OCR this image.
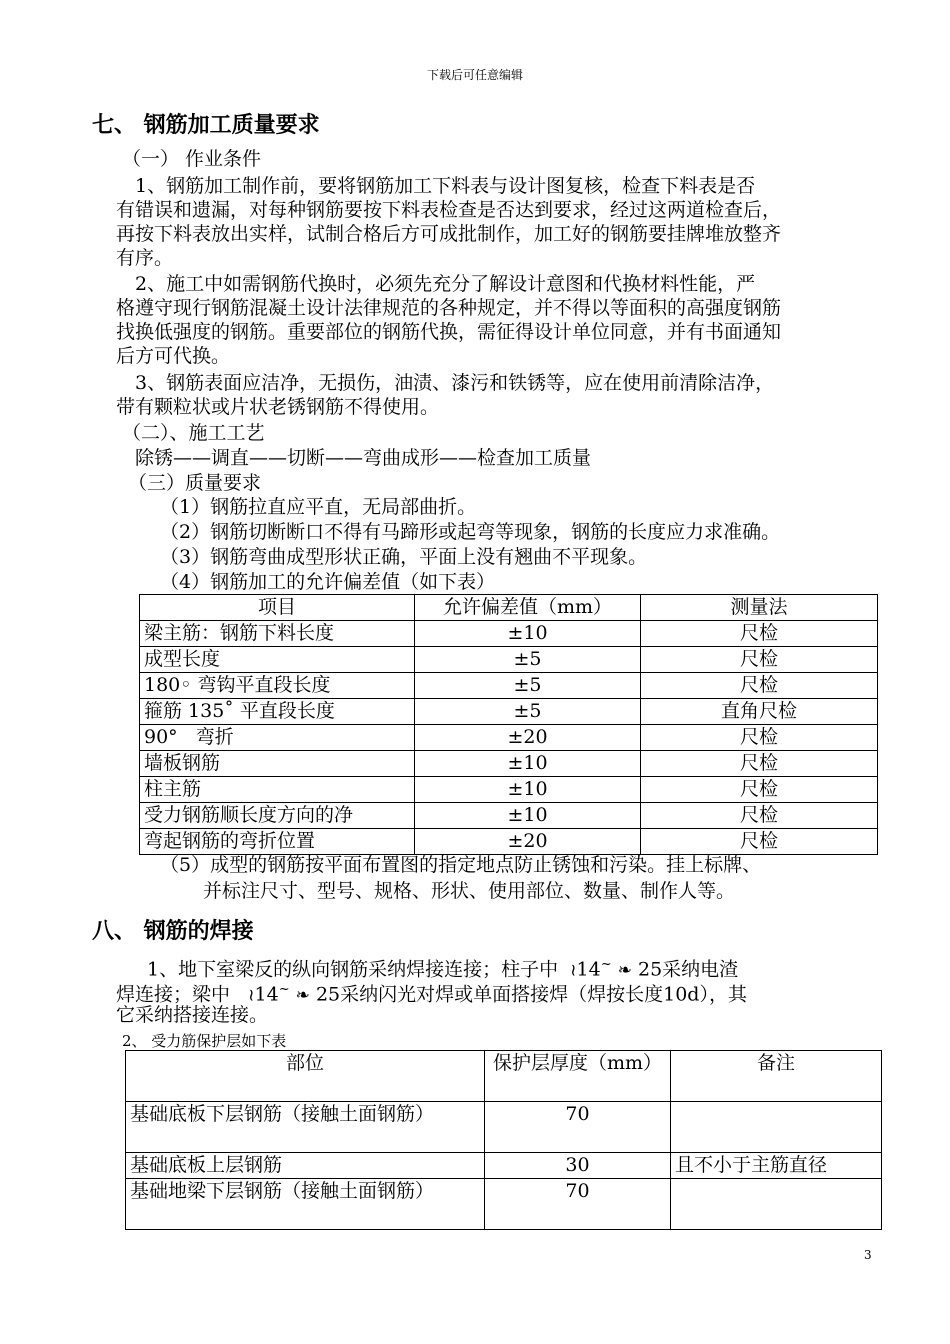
下载后可任意编辑
七、 钢筋加工质量要求
（一） 作业条件
1、钢筋加工制作前，要将钢筋加工下料表与设计图复核，检查下料表是否
有错误和遗漏，对每种钢筋要按下料表检查是否达到要求，经过这两道检查后，
再按下料表放出实样，试制合格后方可成批制作，加工好的钢筋要挂牌堆放整齐
有序。
2、施工中如需钢筋代换时，必须先充分了解设计意图和代换材料性能，严
格遵守现行钢筋混凝土设计法律规范的各种规定，并不得以等面积的高强度钢筋
找换低强度的钢筋。重要部位的钢筋代换，需征得设计单位同意，并有书面通知
后方可代换。
3、钢筋表面应洁净，无损伤，油渍、漆污和铁锈等，应在使用前清除洁净，
带有颗粒状或片状老锈钢筋不得使用。
（二）、施工工艺
除锈——调直——切断——弯曲成形——检查加工质量
（三）质量要求
（1）钢筋拉直应平直，无局部曲折。
（2）钢筋切断断口不得有马蹄形或起弯等现象，钢筋的长度应力求准确。
（3）钢筋弯曲成型形状正确，平面上没有翘曲不平现象。
（4）钢筋加工的允许偏差值（如下表）
项目	允许偏差值（mm）	测量法
梁主筋：钢筋下料长度	±10	尺检
成型长度	±5	尺检
180◦ 弯钩平直段长度	±5	尺检
箍筋 135˚ 平直段长度	±5	直角尺检
90°   弯折	±20	尺检
墙板钢筋	±10	尺检
柱主筋	±10	尺检
受力钢筋顺长度方向的净	±10	尺检
弯起钢筋的弯折位置	±20	尺检
（5）成型的钢筋按平面布置图的指定地点防止锈蚀和污染。挂上标牌、
并标注尺寸、型号、规格、形状、使用部位、数量、制作人等。
八、 钢筋的焊接
1、地下室梁反的纵向钢筋采纳焊接连接；柱子中  ≀14~ ❧ 25采纳电渣
焊连接；梁中   ≀14~ ❧ 25采纳闪光对焊或单面搭接焊（焊按长度10d），其
它采纳搭接连接。
2、 受力筋保护层如下表
部位	保护层厚度（mm）	备注
基础底板下层钢筋（接触土面钢筋）	70	
基础底板上层钢筋	30	且不小于主筋直径
基础地梁下层钢筋（接触土面钢筋）	70	
3
